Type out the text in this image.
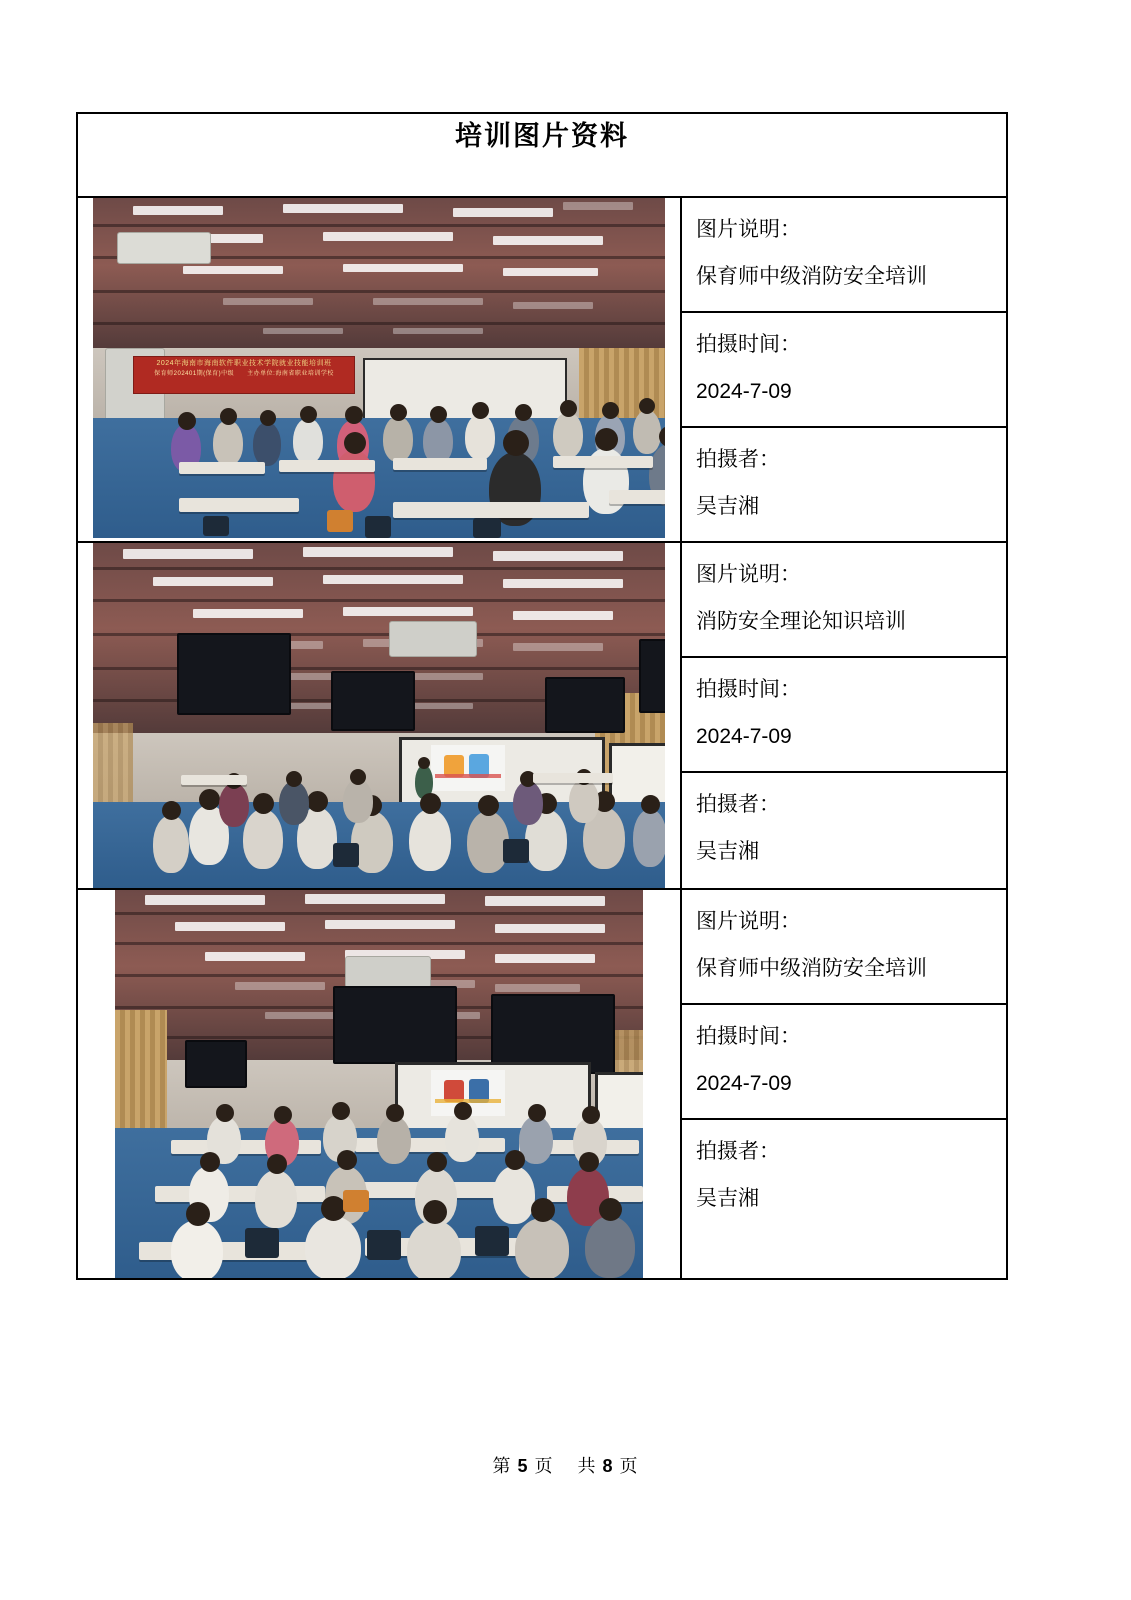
培训图片资料	

2024年海南市海南软件职业技术学院就业技能培训班
保育师202401期(保育)中级　　主办单位:海南省职业培训学校

图片说明：
保育师中级消防安全培训
拍摄时间：
2024-7-09
拍摄者：
吴吉湘

图片说明：
消防安全理论知识培训
拍摄时间：
2024-7-09
拍摄者：
吴吉湘

图片说明：
保育师中级消防安全培训
拍摄时间：
2024-7-09
拍摄者：
吴吉湘
第 5 页 共 8 页
